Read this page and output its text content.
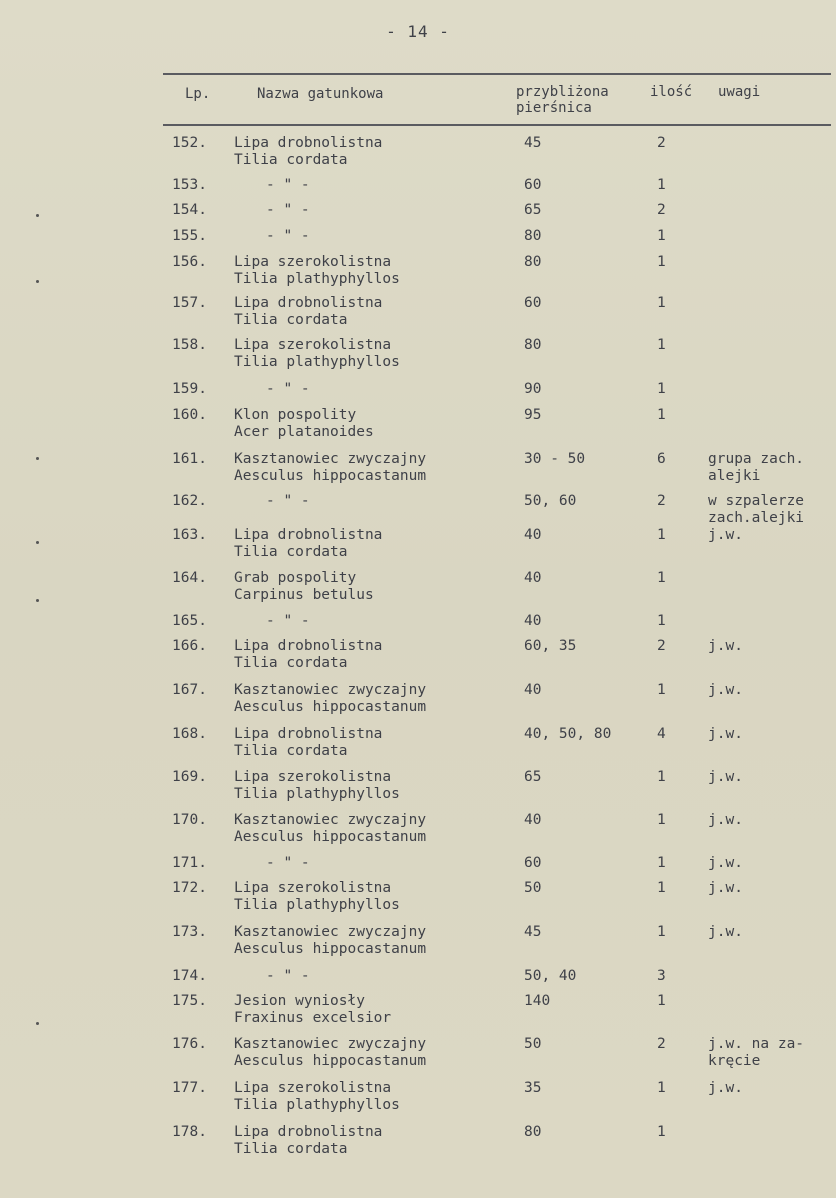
- 14 -
Lp.	Nazwa gatunkowa	przybliżona
pierśnica
ilość uwagi
152. Lipa drobnolistna
Tilia cordata
45	2
153.	- " -	60	1
154.	- " -	65	2
155.	- " -	80	1
156. Lipa szerokolistna
Tilia plathyphyllos
80	1
157. Lipa drobnolistna
Tilia cordata
60	1
158. Lipa szerokolistna
Tilia plathyphyllos
80	1
159.	- " -	90	1
160. Klon pospolity
Acer platanoides
95	1
161. Kasztanowiec zwyczajny
Aesculus hippocastanum
30 - 50	6	grupa zach.
alejki
162.	- " -	50, 60	2	w szpalerze
zach.alejki
163. Lipa drobnolistna
Tilia cordata
40	1	j.w.
164. Grab pospolity
Carpinus betulus
40	1
165.	- " -	40	1
166. Lipa drobnolistna
Tilia cordata
60, 35	2	j.w.
167. Kasztanowiec zwyczajny
Aesculus hippocastanum
40	1	j.w.
168. Lipa drobnolistna
Tilia cordata
40, 50, 80	4	j.w.
169. Lipa szerokolistna
Tilia plathyphyllos
65	1	j.w.
170. Kasztanowiec zwyczajny
Aesculus hippocastanum
40	1	j.w.
171.	- " -	60	1	j.w.
172. Lipa szerokolistna
Tilia plathyphyllos
50	1	j.w.
173. Kasztanowiec zwyczajny
Aesculus hippocastanum
45	1	j.w.
174.	- " -	50, 40	3
175. Jesion wyniosły
Fraxinus excelsior
140	1
176. Kasztanowiec zwyczajny
Aesculus hippocastanum
50	2	j.w. na za-
kręcie
177. Lipa szerokolistna
Tilia plathyphyllos
35	1	j.w.
178. Lipa drobnolistna
Tilia cordata
80	1
